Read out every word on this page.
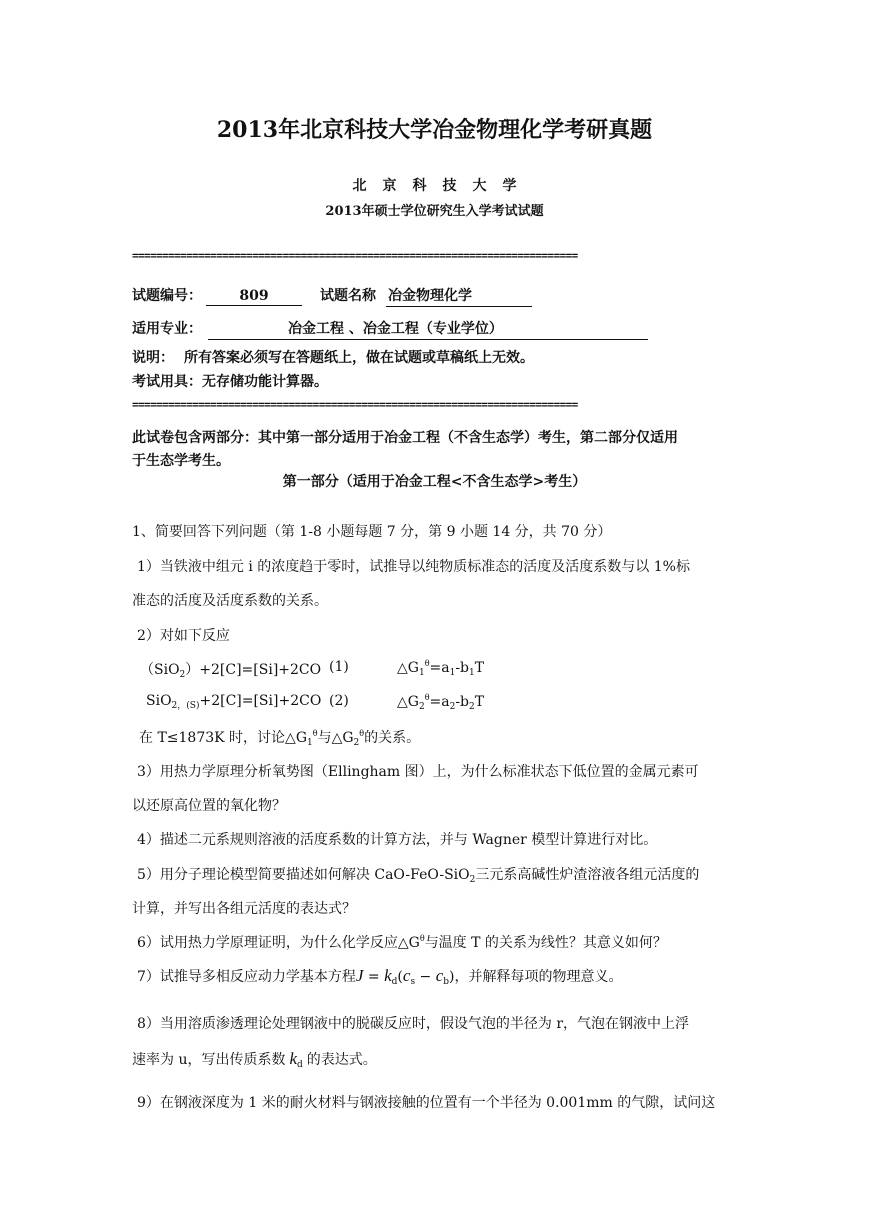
2013年北京科技大学冶金物理化学考研真题
北 京 科 技 大 学
2013年硕士学位研究生入学考试试题
==========================================================================
试题编号：	809	试题名称 冶金物理化学
适用专业：	冶金工程 、冶金工程（专业学位）
说明： 所有答案必须写在答题纸上，做在试题或草稿纸上无效。
考试用具：无存储功能计算器。
==========================================================================
此试卷包含两部分：其中第一部分适用于冶金工程（不含生态学）考生，第二部分仅适用
于生态学考生。
第一部分（适用于冶金工程<不含生态学>考生）
1、简要回答下列问题（第 1-8 小题每题 7 分，第 9 小题 14 分，共 70 分）
1）当铁液中组元 i 的浓度趋于零时，试推导以纯物质标准态的活度及活度系数与以 1%标
准态的活度及活度系数的关系。
2）对如下反应
（SiO$_2$）+2[C]=[Si]+2CO (1)	$\triangle G_1^\theta=a_1-b_1T$
SiO$_{2,(S)}$+2[C]=[Si]+2CO (2)	$\triangle G_2^\theta=a_2-b_2T$
在 T≤1873K 时，讨论$\triangle G_1^\theta$与$\triangle G_2^\theta$的关系。
3）用热力学原理分析氧势图（Ellingham 图）上，为什么标准状态下低位置的金属元素可
以还原高位置的氧化物？
4）描述二元系规则溶液的活度系数的计算方法，并与 Wagner 模型计算进行对比。
5）用分子理论模型简要描述如何解决 CaO-FeO-SiO$_2$三元系高碱性炉渣溶液各组元活度的
计算，并写出各组元活度的表达式？
6）试用热力学原理证明，为什么化学反应$\triangle G^\theta$与温度 T 的关系为线性？其意义如何？
7）试推导多相反应动力学基本方程$J = k_d(c_s - c_b)$，并解释每项的物理意义。
8）当用溶质渗透理论处理钢液中的脱碳反应时，假设气泡的半径为 r，气泡在钢液中上浮
速率为 u，写出传质系数 $k_d$ 的表达式。
9）在钢液深度为 1 米的耐火材料与钢液接触的位置有一个半径为 0.001mm 的气隙，试问这
